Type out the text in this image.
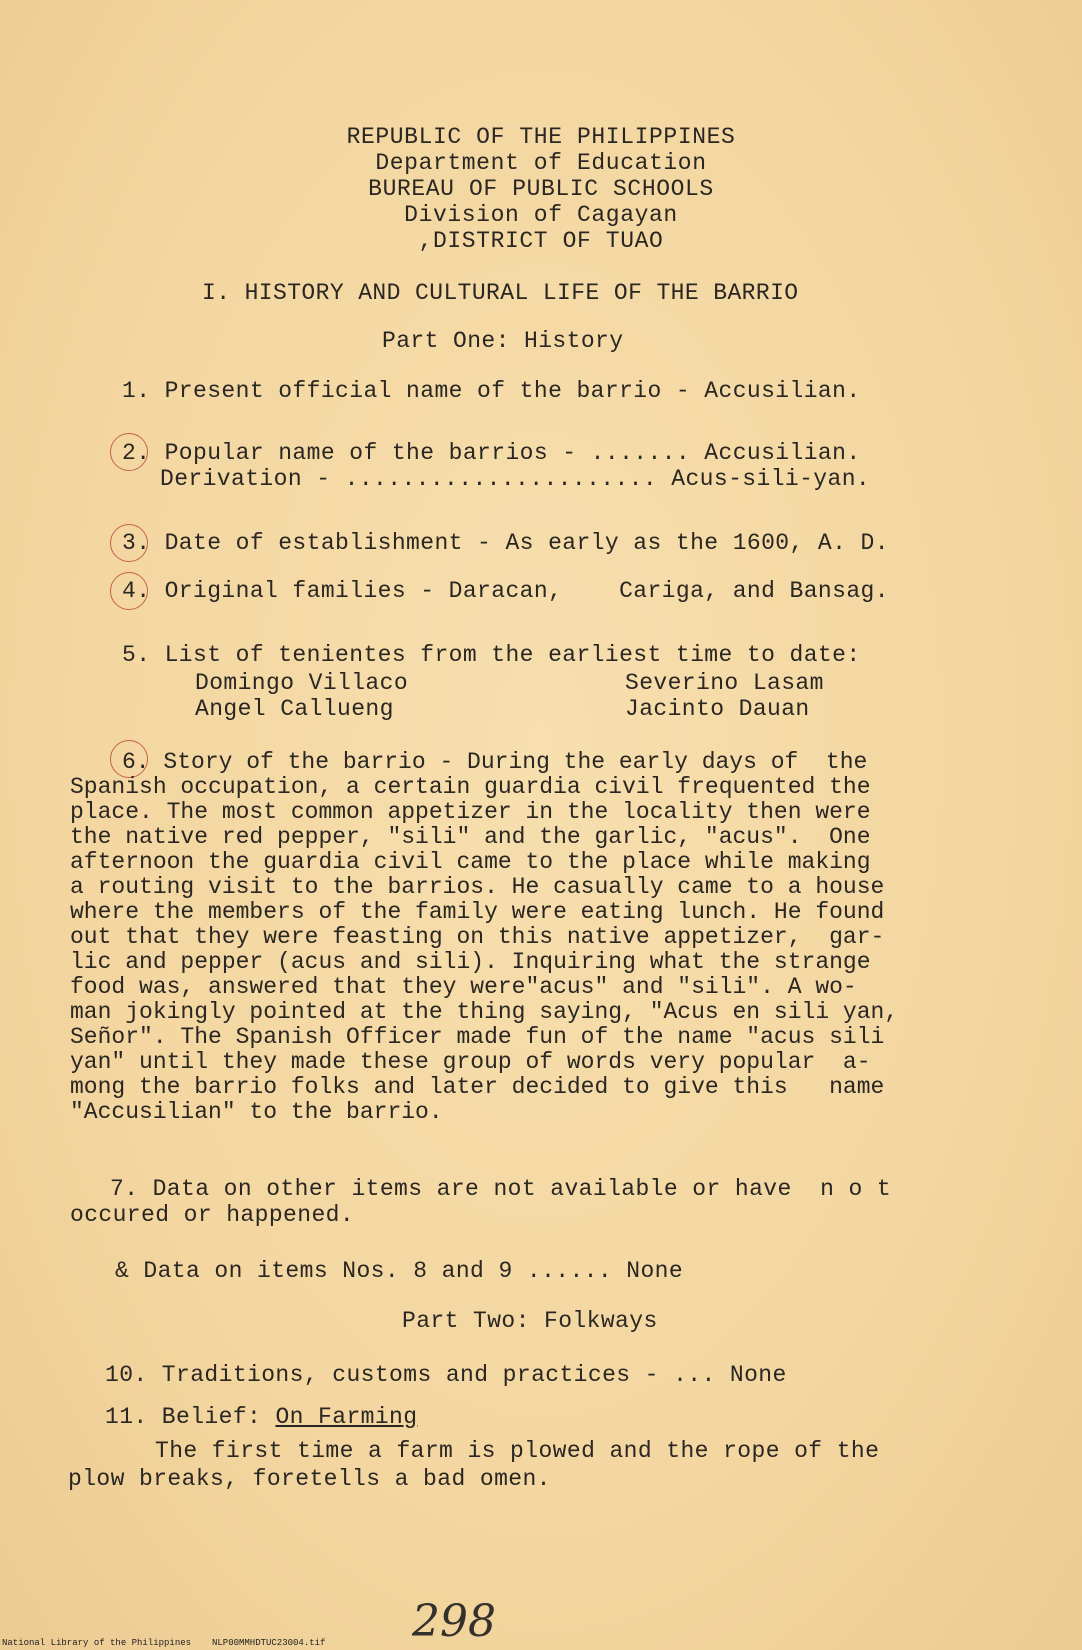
REPUBLIC OF THE PHILIPPINES
Department of Education
BUREAU OF PUBLIC SCHOOLS
Division of Cagayan
,DISTRICT OF TUAO
I. HISTORY AND CULTURAL LIFE OF THE BARRIO
Part One: History
1. Present official name of the barrio - Accusilian.
2. Popular name of the barrios - ....... Accusilian.
Derivation - ...................... Acus-sili-yan.
3. Date of establishment - As early as the 1600, A. D.
4. Original families - Daracan,    Cariga, and Bansag.
5. List of tenientes from the earliest time to date:
Domingo Villaco	Severino Lasam
Angel Callueng	Jacinto Dauan
6. Story of the barrio - During the early days of  the
Spanish occupation, a certain guardia civil frequented the
place. The most common appetizer in the locality then were
the native red pepper, "sili" and the garlic, "acus".  One
afternoon the guardia civil came to the place while making
a routing visit to the barrios. He casually came to a house
where the members of the family were eating lunch. He found
out that they were feasting on this native appetizer,  gar-
lic and pepper (acus and sili). Inquiring what the strange
food was, answered that they were"acus" and "sili". A wo-
man jokingly pointed at the thing saying, "Acus en sili yan,
Señor". The Spanish Officer made fun of the name "acus sili
yan" until they made these group of words very popular  a-
mong the barrio folks and later decided to give this   name
"Accusilian" to the barrio.
7. Data on other items are not available or have  n o t
occured or happened.
& Data on items Nos. 8 and 9 ...... None
Part Two: Folkways
10. Traditions, customs and practices - ... None
11. Belief: On Farming
The first time a farm is plowed and the rope of the
plow breaks, foretells a bad omen.
298
National Library of the Philippines NLP00MMHDTUC23004.tif
